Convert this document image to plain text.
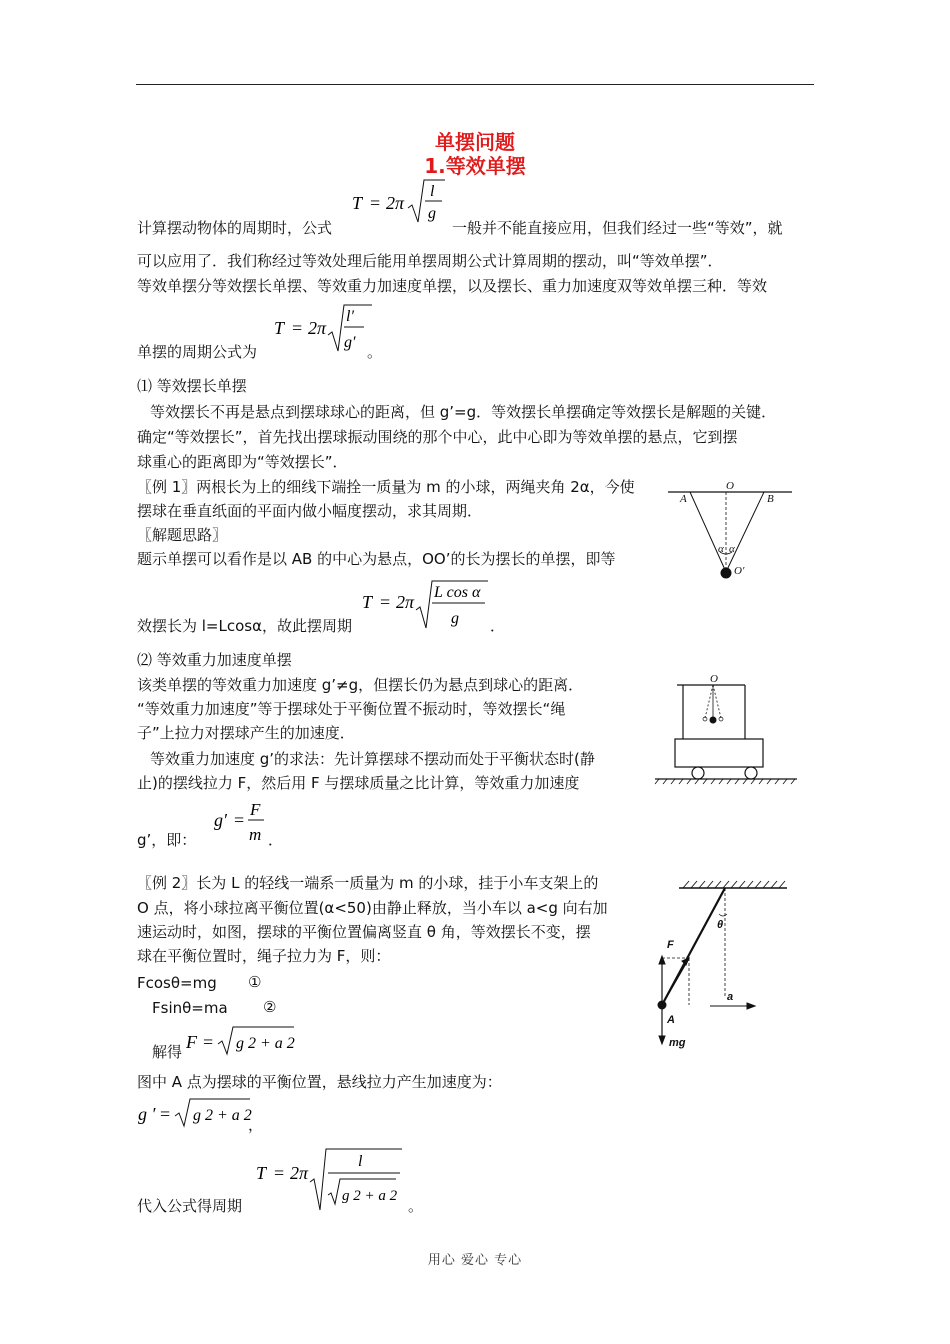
单摆问题
1.等效单摆
T = 2π
l
g
计算摆动物体的周期时，公式	一般并不能直接应用，但我们经过一些“等效”，就
可以应用了．我们称经过等效处理后能用单摆周期公式计算周期的摆动，叫“等效单摆”．
等效单摆分等效摆长单摆、等效重力加速度单摆，以及摆长、重力加速度双等效单摆三种．等效
T = 2π
l′
g′
单摆的周期公式为	。
⑴ 等效摆长单摆
等效摆长不再是悬点到摆球球心的距离，但 g’=g．等效摆长单摆确定等效摆长是解题的关键．
确定“等效摆长”，首先找出摆球振动围绕的那个中心，此中心即为等效单摆的悬点，它到摆
球重心的距离即为“等效摆长”．
〖例 1〗两根长为上的细线下端拴一质量为 m 的小球，两绳夹角 2α，今使
摆球在垂直纸面的平面内做小幅度摆动，求其周期．
〖解题思路〗
题示单摆可以看作是以 AB 的中心为悬点，OO’的长为摆长的单摆，即等
O
A	B
α α
O′
T = 2π L cos α
g
效摆长为 l=Lcosα，故此摆周期	．
⑵ 等效重力加速度单摆
该类单摆的等效重力加速度 g’≠g，但摆长仍为悬点到球心的距离．
“等效重力加速度”等于摆球处于平衡位置不振动时，等效摆长“绳
子”上拉力对摆球产生的加速度．
等效重力加速度 g’的求法：先计算摆球不摆动而处于平衡状态时(静
止)的摆线拉力 F，然后用 F 与摆球质量之比计算，等效重力加速度
O
g′ =
F
m
g’，即：	．
〖例 2〗长为 L 的轻线一端系一质量为 m 的小球，挂于小车支架上的
O 点，将小球拉离平衡位置(α<50)由静止释放，当小车以 a<g 向右加
速运动时，如图，摆球的平衡位置偏离竖直 θ 角，等效摆长不变，摆
球在平衡位置时，绳子拉力为 F，则：
Fcosθ=mg ①
Fsinθ=ma ②
解得 F = g 2 + a 2
θ
F
a
A
mg
图中 A 点为摆球的平衡位置，悬线拉力产生加速度为：
g ′ = g 2 + a 2
，
T = 2π
l
g 2 + a 2
代入公式得周期	。
用心 爱心 专心
